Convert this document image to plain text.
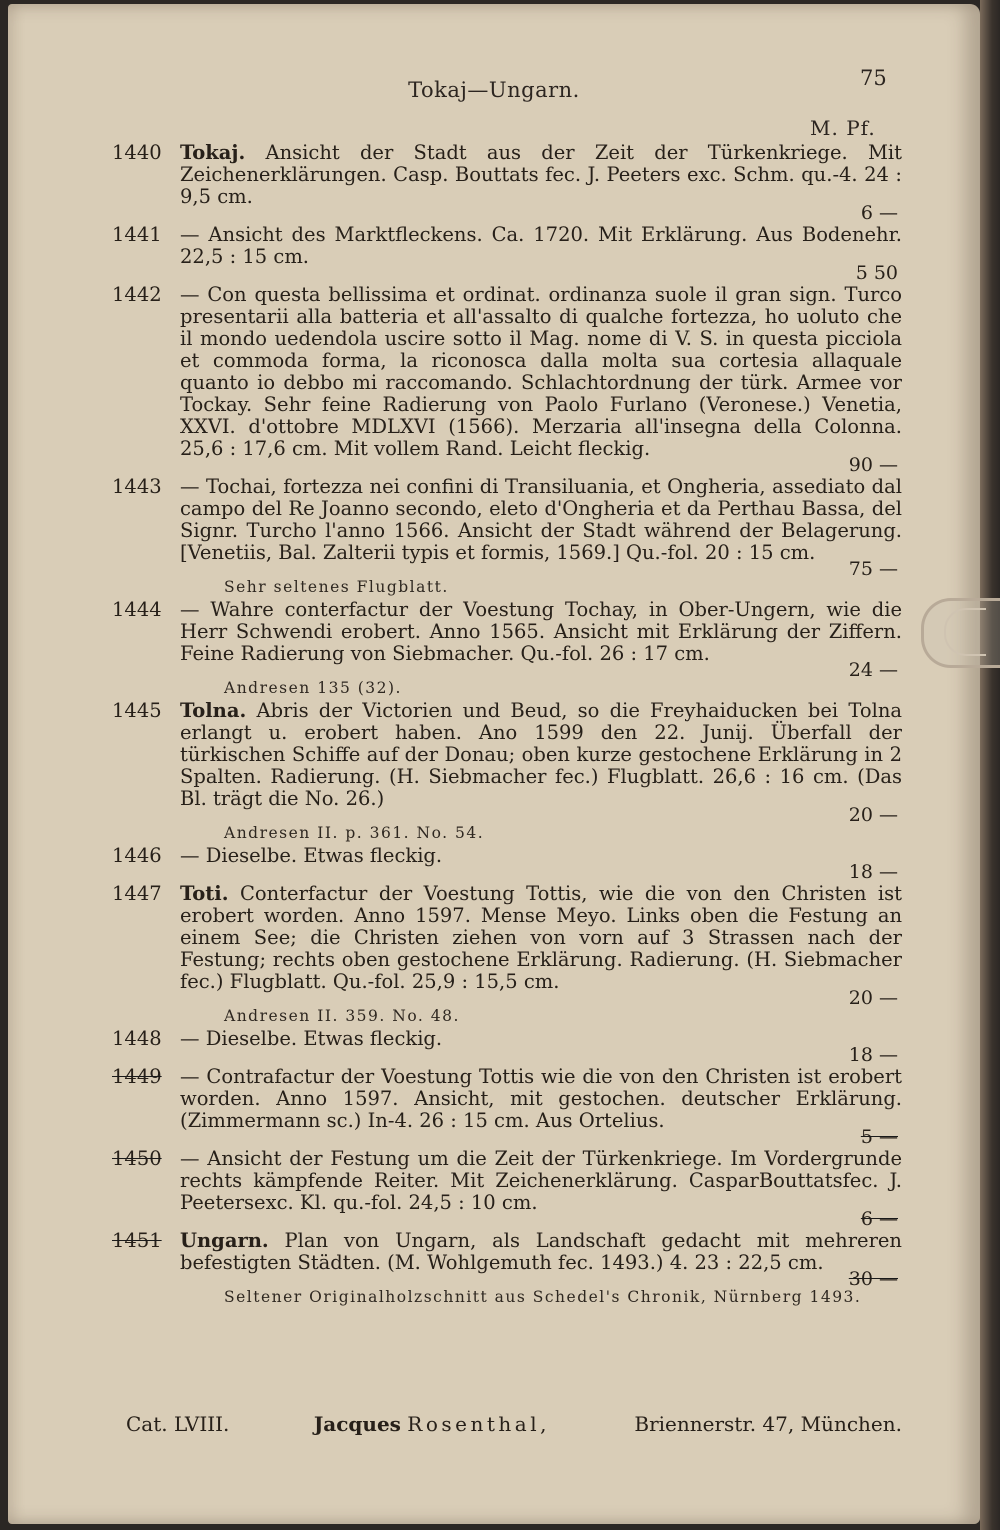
Tokaj—Ungarn.	75
M. Pf.
1440 Tokaj. Ansicht der Stadt aus der Zeit der Türkenkriege. Mit Zeichenerklärungen. Casp. Bouttats fec. J. Peeters exc. Schm. qu.-4. 24 : 9,5 cm.
6 —
1441 — Ansicht des Marktfleckens. Ca. 1720. Mit Erklärung. Aus Bodenehr. 22,5 : 15 cm.
5 50
1442 — Con questa bellissima et ordinat. ordinanza suole il gran sign. Turco presentarii alla batteria et all'assalto di qualche fortezza, ho uoluto che il mondo uedendola uscire sotto il Mag. nome di V. S. in questa picciola et commoda forma, la riconosca dalla molta sua cortesia allaquale quanto io debbo mi raccomando. Schlachtordnung der türk. Armee vor Tockay. Sehr feine Radierung von Paolo Furlano (Veronese.) Venetia, XXVI. d'ottobre MDLXVI (1566). Merzaria all'insegna della Colonna. 25,6 : 17,6 cm. Mit vollem Rand. Leicht fleckig.
90 —
1443 — Tochai, fortezza nei confini di Transiluania, et Ongheria, assediato dal campo del Re Joanno secondo, eleto d'Ongheria et da Perthau Bassa, del Signr. Turcho l'anno 1566. Ansicht der Stadt während der Belagerung. [Venetiis, Bal. Zalterii typis et formis, 1569.] Qu.-fol. 20 : 15 cm.
75 —
Sehr seltenes Flugblatt.
1444 — Wahre conterfactur der Voestung Tochay, in Ober-Ungern, wie die Herr Schwendi erobert. Anno 1565. Ansicht mit Erklärung der Ziffern. Feine Radierung von Siebmacher. Qu.-fol. 26 : 17 cm.
24 —
Andresen 135 (32).
1445 Tolna. Abris der Victorien und Beud, so die Freyhaiducken bei Tolna erlangt u. erobert haben. Ano 1599 den 22. Junij. Überfall der türkischen Schiffe auf der Donau; oben kurze gestochene Erklärung in 2 Spalten. Radierung. (H. Siebmacher fec.) Flugblatt. 26,6 : 16 cm. (Das Bl. trägt die No. 26.)
20 —
Andresen II. p. 361. No. 54.
1446 — Dieselbe. Etwas fleckig.
18 —
1447 Toti. Conterfactur der Voestung Tottis, wie die von den Christen ist erobert worden. Anno 1597. Mense Meyo. Links oben die Festung an einem See; die Christen ziehen von vorn auf 3 Strassen nach der Festung; rechts oben gestochene Erklärung. Radierung. (H. Siebmacher fec.) Flugblatt. Qu.-fol. 25,9 : 15,5 cm.
20 —
Andresen II. 359. No. 48.
1448 — Dieselbe. Etwas fleckig.
18 —
1449 — Contrafactur der Voestung Tottis wie die von den Christen ist erobert worden. Anno 1597. Ansicht, mit gestochen. deutscher Erklärung. (Zimmermann sc.) In-4. 26 : 15 cm. Aus Ortelius.
5 —
1450 — Ansicht der Festung um die Zeit der Türkenkriege. Im Vordergrunde rechts kämpfende Reiter. Mit Zeichenerklärung. CasparBouttatsfec. J. Peetersexc. Kl. qu.-fol. 24,5 : 10 cm.
6 —
1451 Ungarn. Plan von Ungarn, als Landschaft gedacht mit mehreren befestigten Städten. (M. Wohlgemuth fec. 1493.) 4. 23 : 22,5 cm.
30 —
Seltener Originalholzschnitt aus Schedel's Chronik, Nürnberg 1493.
Cat. LVIII.	Jacques Rosenthal,	Briennerstr. 47, München.
